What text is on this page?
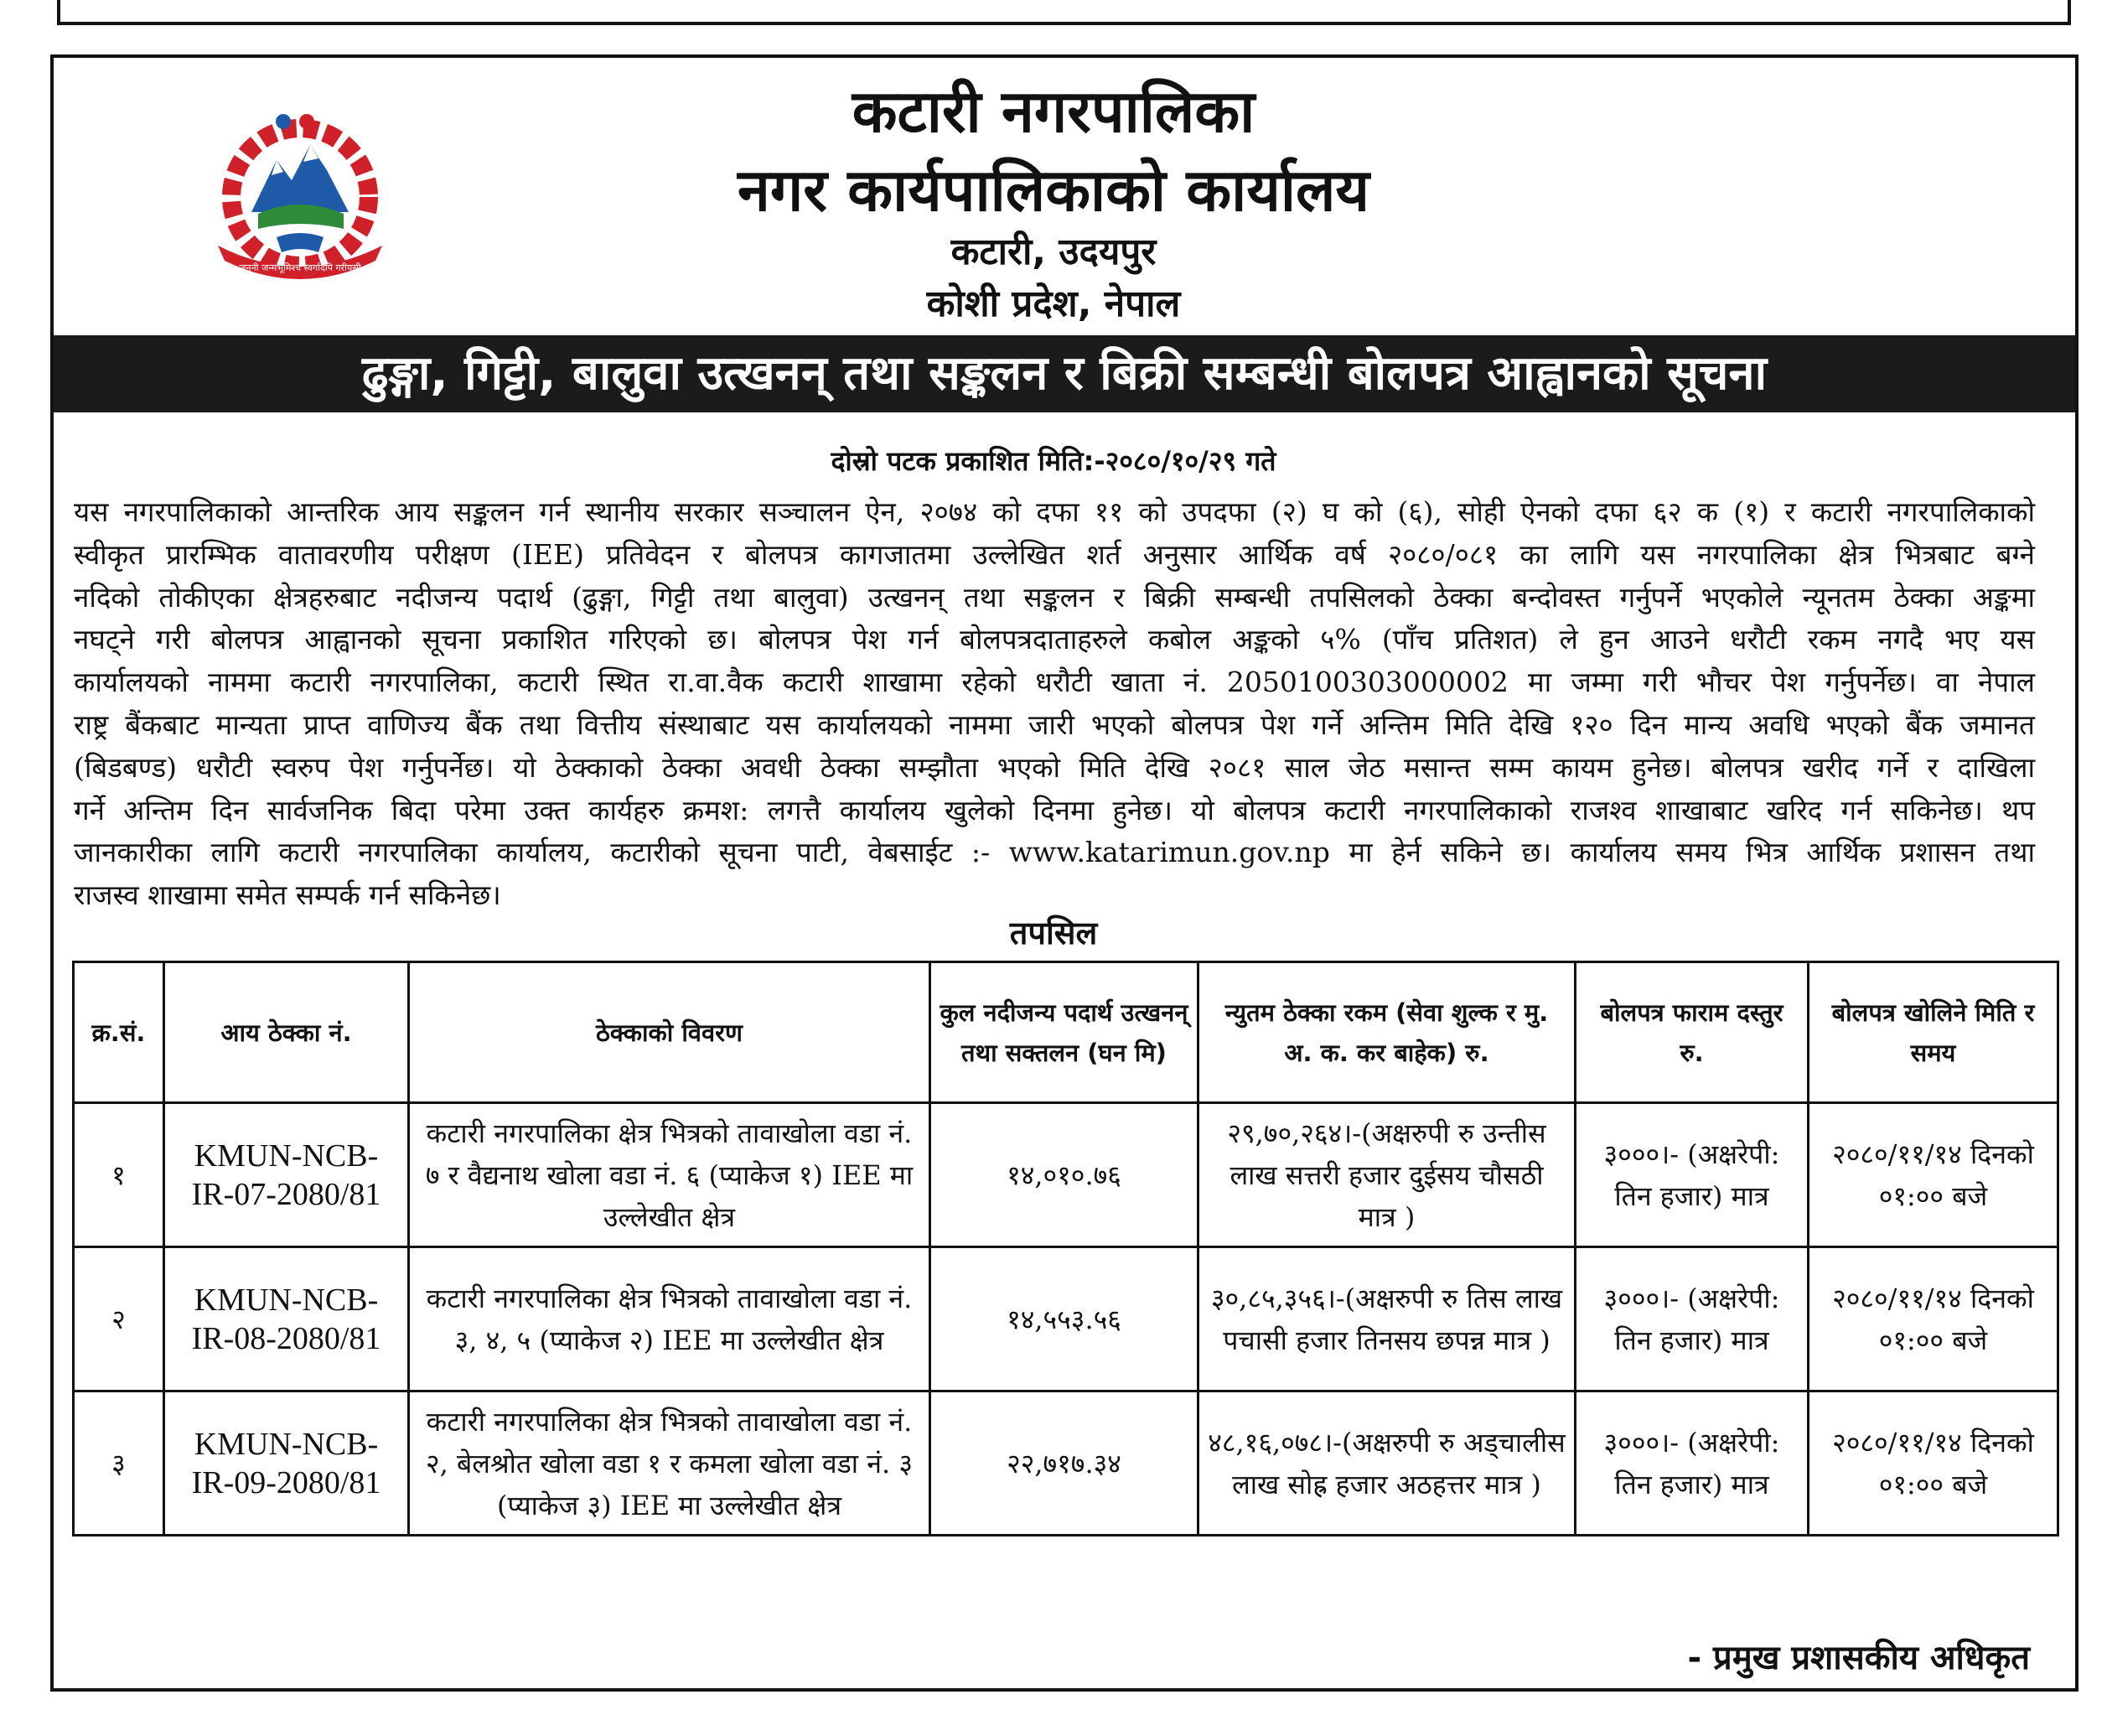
जननी जन्मभूमिश्च स्वर्गादपि गरीयसी
कटारी नगरपालिका
नगर कार्यपालिकाको कार्यालय
कटारी, उदयपुर
कोशी प्रदेश, नेपाल
ढुङ्गा, गिट्टी, बालुवा उत्खनन् तथा सङ्कलन र बिक्री सम्बन्धी बोलपत्र आह्वानको सूचना
दोस्रो पटक प्रकाशित मिति:-२०८०/१०/२९ गते
यस नगरपालिकाको आन्तरिक आय सङ्कलन गर्न स्थानीय सरकार सञ्चालन ऐन, २०७४ को दफा ११ को उपदफा (२) घ को (६), सोही ऐनको दफा ६२ क (१) र कटारी नगरपालिकाको
स्वीकृत प्रारम्भिक वातावरणीय परीक्षण (IEE) प्रतिवेदन र बोलपत्र कागजातमा उल्लेखित शर्त अनुसार आर्थिक वर्ष २०८०/०८१ का लागि यस नगरपालिका क्षेत्र भित्रबाट बग्ने
नदिको तोकीएका क्षेत्रहरुबाट नदीजन्य पदार्थ (ढुङ्गा, गिट्टी तथा बालुवा) उत्खनन् तथा सङ्कलन र बिक्री सम्बन्धी तपसिलको ठेक्का बन्दोवस्त गर्नुपर्ने भएकोले न्यूनतम ठेक्का अङ्कमा
नघट्ने गरी बोलपत्र आह्वानको सूचना प्रकाशित गरिएको छ। बोलपत्र पेश गर्न बोलपत्रदाताहरुले कबोल अङ्कको ५% (पाँच प्रतिशत) ले हुन आउने धरौटी रकम नगदै भए यस
कार्यालयको नाममा कटारी नगरपालिका, कटारी स्थित रा.वा.वैक कटारी शाखामा रहेको धरौटी खाता नं. 2050100303000002 मा जम्मा गरी भौचर पेश गर्नुपर्नेछ। वा नेपाल
राष्ट्र बैंकबाट मान्यता प्राप्त वाणिज्य बैंक तथा वित्तीय संस्थाबाट यस कार्यालयको नाममा जारी भएको बोलपत्र पेश गर्ने अन्तिम मिति देखि १२० दिन मान्य अवधि भएको बैंक जमानत
(बिडबण्ड) धरौटी स्वरुप पेश गर्नुपर्नेछ। यो ठेक्काको ठेक्का अवधी ठेक्का सम्झौता भएको मिति देखि २०८१ साल जेठ मसान्त सम्म कायम हुनेछ। बोलपत्र खरीद गर्ने र दाखिला
गर्ने अन्तिम दिन सार्वजनिक बिदा परेमा उक्त कार्यहरु क्रमश: लगत्तै कार्यालय खुलेको दिनमा हुनेछ। यो बोलपत्र कटारी नगरपालिकाको राजश्व शाखाबाट खरिद गर्न सकिनेछ। थप
जानकारीका लागि कटारी नगरपालिका कार्यालय, कटारीको सूचना पाटी, वेबसाईट :- www.katarimun.gov.np मा हेर्न सकिने छ। कार्यालय समय भित्र आर्थिक प्रशासन तथा
राजस्व शाखामा समेत सम्पर्क गर्न सकिनेछ।
तपसिल
क्र.सं.	आय ठेक्का नं.	ठेक्काको विवरण	कुल नदीजन्य पदार्थ उत्खनन् तथा सक्तलन (घन मि)	न्युतम ठेक्का रकम (सेवा शुल्क र मु. अ. क. कर बाहेक) रु.	बोलपत्र फाराम दस्तुर रु.	बोलपत्र खोलिने मिति र समय
१	KMUN-NCB-IR-07-2080/81	कटारी नगरपालिका क्षेत्र भित्रको तावाखोला वडा नं. ७ र वैद्यनाथ खोला वडा नं. ६ (प्याकेज १) IEE मा उल्लेखीत क्षेत्र	१४,०१०.७६	२९,७०,२६४।-(अक्षरुपी रु उन्तीस लाख सत्तरी हजार दुईसय चौसठी मात्र )	३०००।- (अक्षरेपी: तिन हजार) मात्र	२०८०/११/१४ दिनको ०१:०० बजे
२	KMUN-NCB-IR-08-2080/81	कटारी नगरपालिका क्षेत्र भित्रको तावाखोला वडा नं. ३, ४, ५ (प्याकेज २) IEE मा उल्लेखीत क्षेत्र	१४,५५३.५६	३०,८५,३५६।-(अक्षरुपी रु तिस लाख पचासी हजार तिनसय छपन्न मात्र )	३०००।- (अक्षरेपी: तिन हजार) मात्र	२०८०/११/१४ दिनको ०१:०० बजे
३	KMUN-NCB-IR-09-2080/81	कटारी नगरपालिका क्षेत्र भित्रको तावाखोला वडा नं. २, बेलश्रोत खोला वडा १ र कमला खोला वडा नं. ३ (प्याकेज ३) IEE मा उल्लेखीत क्षेत्र	२२,७१७.३४	४८,१६,०७८।-(अक्षरुपी रु अड्चालीस लाख सोह्र हजार अठहत्तर मात्र )	३०००।- (अक्षरेपी: तिन हजार) मात्र	२०८०/११/१४ दिनको ०१:०० बजे
- प्रमुख प्रशासकीय अधिकृत
